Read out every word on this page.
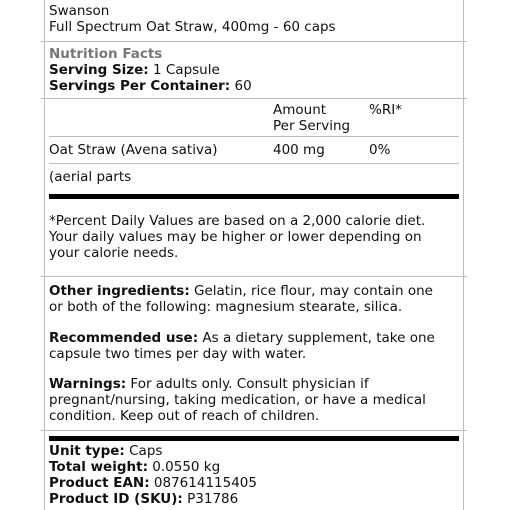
Swanson

Full Spectrum Oat Straw, 400mg - 60 caps

Nutrition Facts

Serving Size: 1 Capsule

Servings Per Container: 60

Amount
Per Serving
%RI*
Oat Straw (Avena sativa)	400 mg	0%
(aerial parts

*Percent Daily Values are based on a 2,000 calorie diet.

Your daily values may be higher or lower depending on

your calorie needs.

Other ingredients: Gelatin, rice flour, may contain one

or both of the following: magnesium stearate, silica.

Recommended use: As a dietary supplement, take one

capsule two times per day with water.

Warnings: For adults only. Consult physician if

pregnant/nursing, taking medication, or have a medical

condition. Keep out of reach of children.

Unit type: Caps

Total weight: 0.0550 kg

Product EAN: 087614115405

Product ID (SKU): P31786
